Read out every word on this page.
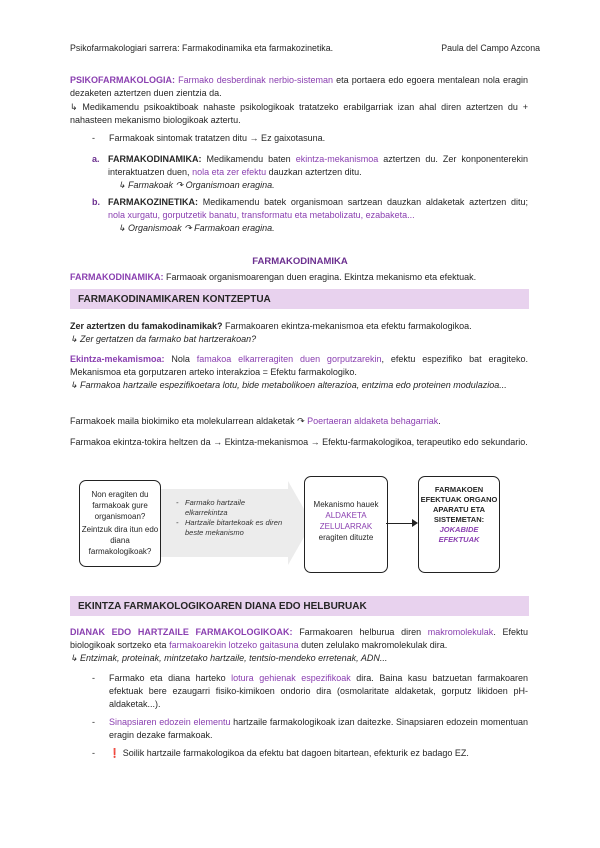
Psikofarmakologiari sarrera: Farmakodinamika eta farmakozinetika.	Paula del Campo Azcona
PSIKOFARMAKOLOGIA: Farmako desberdinak nerbio-sisteman eta portaera edo egoera mentalean nola eragin dezaketen aztertzen duen zientzia da.
↳ Medikamendu psikoaktiboak nahaste psikologikoak tratatzeko erabilgarriak izan ahal diren aztertzen du + nahasteen mekanismo biologikoak aztertu.
- Farmakoak sintomak tratatzen ditu → Ez gaixotasuna.
a. FARMAKODINAMIKA: Medikamendu baten ekintza-mekanismoa aztertzen du. Zer konponenterekin interaktuatzen duen, nola eta zer efektu dauzkan aztertzen ditu.
↳ Farmakoak ↷ Organismoan eragina.
b. FARMAKOZINETIKA: Medikamendu batek organismoan sartzean dauzkan aldaketak aztertzen ditu; nola xurgatu, gorputzetik banatu, transformatu eta metabolizatu, ezabaketa...
↳ Organismoak ↷ Farmakoan eragina.
FARMAKODINAMIKA
FARMAKODINAMIKA: Farmaoak organismoarengan duen eragina. Ekintza mekanismo eta efektuak.
FARMAKODINAMIKAREN KONTZEPTUA
Zer aztertzen du famakodinamikak? Farmakoaren ekintza-mekanismoa eta efektu farmakologikoa.
↳ Zer gertatzen da farmako bat hartzerakoan?
Ekintza-mekamismoa: Nola famakoa elkarreragiten duen gorputzarekin, efektu espezifiko bat eragiteko. Mekanismoa eta gorputzaren arteko interakzioa = Efektu farmakologiko.
↳ Farmakoa hartzaile espezifikoetara lotu, bide metabolikoen alterazioa, entzima edo proteinen modulazioa...
Farmakoek maila biokimiko eta molekularrean aldaketak ↷ Poertaeran aldaketa behagarriak.
Farmakoa ekintza-tokira heltzen da → Ekintza-mekanismoa → Efektu-farmakologikoa, terapeutiko edo sekundario.
- Farmako hartzaile elkarrekintza
- Hartzaile bitartekoak es diren beste mekanismo
Non eragiten du farmakoak gure organismoan?
Zeintzuk dira itun edo diana farmakologikoak?
Mekanismo hauek
ALDAKETA ZELULARRAK
eragiten dituzte
FARMAKOEN EFEKTUAK ORGANO APARATU ETA SISTEMETAN:
JOKABIDE EFEKTUAK
EKINTZA FARMAKOLOGIKOAREN DIANA EDO HELBURUAK
DIANAK EDO HARTZAILE FARMAKOLOGIKOAK: Farmakoaren helburua diren makromolekulak. Efektu biologikoak sortzeko eta farmakoarekin lotzeko gaitasuna duten zelulako makromolekulak dira.
↳ Entzimak, proteinak, mintzetako hartzaile, tentsio-mendeko erretenak, ADN...
- Farmako eta diana harteko lotura gehienak espezifikoak dira. Baina kasu batzuetan farmakoaren efektuak bere ezaugarri fisiko-kimikoen ondorio dira (osmolaritate aldaketak, gorputz likidoen pH-aldaketak...).
- Sinapsiaren edozein elementu hartzaile farmakologikoak izan daitezke. Sinapsiaren edozein momentuan eragin dezake farmakoak.
- ❗ Soilik hartzaile farmakologikoa da efektu bat dagoen bitartean, efekturik ez badago EZ.
